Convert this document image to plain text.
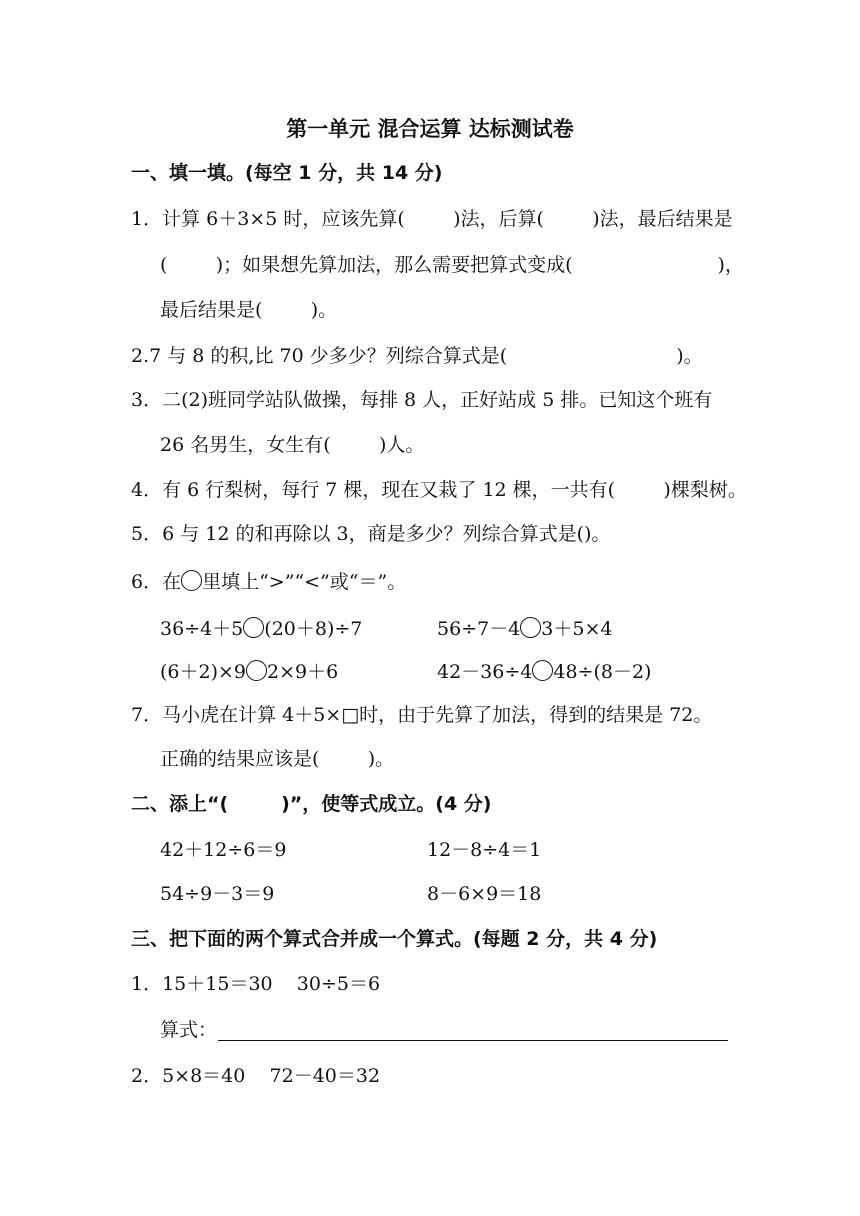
第一单元 混合运算 达标测试卷
一、填一填。(每空 1 分，共 14 分)
1．计算 6＋3×5 时，应该先算(        )法，后算(        )法，最后结果是
(        )；如果想先算加法，那么需要把算式变成(                        )，
最后结果是(        )。
2.7 与 8 的积,比 70 少多少？列综合算式是(                            )。
3．二(2)班同学站队做操，每排 8 人，正好站成 5 排。已知这个班有
26 名男生，女生有(        )人。
4．有 6 行梨树，每行 7 棵，现在又栽了 12 棵，一共有(        )棵梨树。
5．6 与 12 的和再除以 3，商是多少？列综合算式是()。
6．在 里填上“>”“<”或“＝”。
36÷4＋5 (20＋8)÷7	56÷7－4 3＋5×4
(6＋2)×9 2×9＋6	42－36÷4 48÷(8－2)
7．马小虎在计算 4＋5×□时，由于先算了加法，得到的结果是 72。
正确的结果应该是(        )。
二、添上“(        )”，使等式成立。(4 分)
42＋12÷6＝9	12－8÷4＝1
54÷9－3＝9	8－6×9＝18
三、把下面的两个算式合并成一个算式。(每题 2 分，共 4 分)
1．15＋15＝30    30÷5＝6
算式：
2．5×8＝40    72－40＝32
